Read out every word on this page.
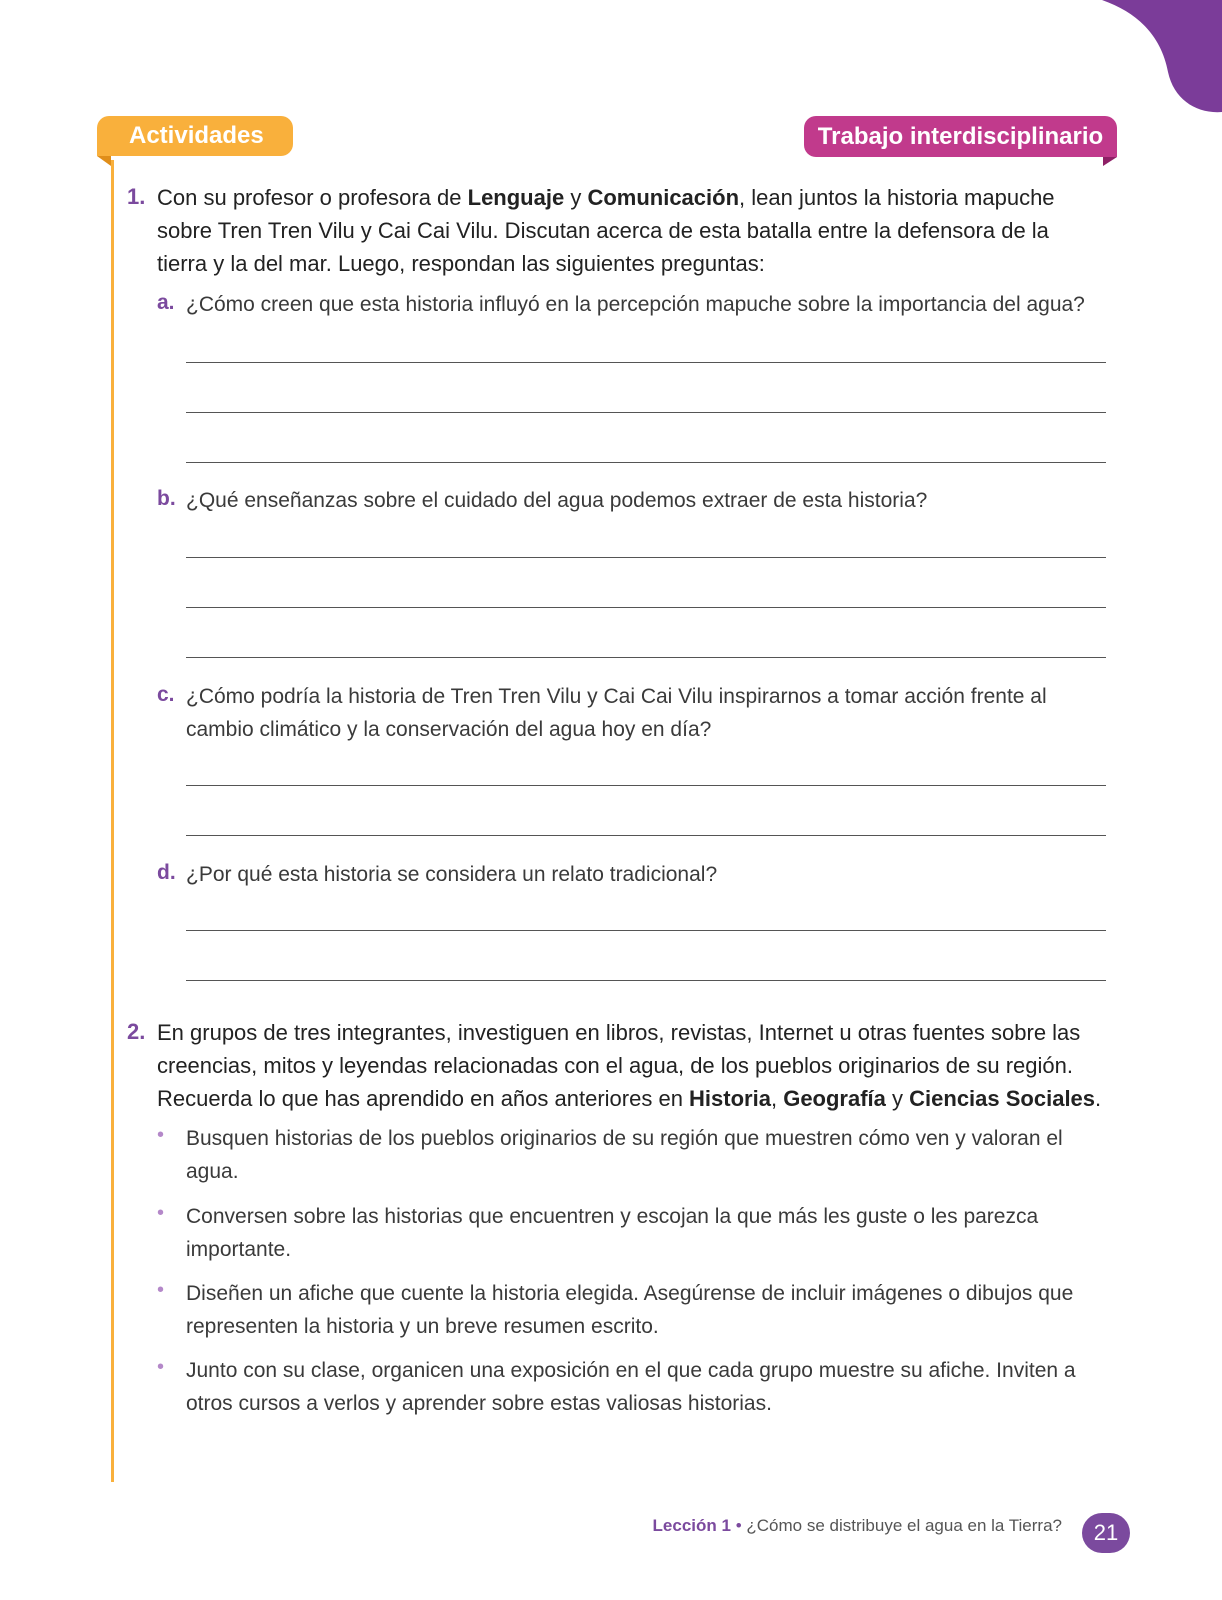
Actividades	Trabajo interdisciplinario
1. Con su profesor o profesora de Lenguaje y Comunicación, lean juntos la historia mapuche sobre Tren Tren Vilu y Cai Cai Vilu. Discutan acerca de esta batalla entre la defensora de la tierra y la del mar. Luego, respondan las siguientes preguntas:
a. ¿Cómo creen que esta historia influyó en la percepción mapuche sobre la importancia del agua?
b. ¿Qué enseñanzas sobre el cuidado del agua podemos extraer de esta historia?
c. ¿Cómo podría la historia de Tren Tren Vilu y Cai Cai Vilu inspirarnos a tomar acción frente al cambio climático y la conservación del agua hoy en día?
d. ¿Por qué esta historia se considera un relato tradicional?
2. En grupos de tres integrantes, investiguen en libros, revistas, Internet u otras fuentes sobre las creencias, mitos y leyendas relacionadas con el agua, de los pueblos originarios de su región. Recuerda lo que has aprendido en años anteriores en Historia, Geografía y Ciencias Sociales.
• Busquen historias de los pueblos originarios de su región que muestren cómo ven y valoran el agua.
• Conversen sobre las historias que encuentren y escojan la que más les guste o les parezca importante.
• Diseñen un afiche que cuente la historia elegida. Asegúrense de incluir imágenes o dibujos que representen la historia y un breve resumen escrito.
• Junto con su clase, organicen una exposición en el que cada grupo muestre su afiche. Inviten a otros cursos a verlos y aprender sobre estas valiosas historias.
Lección 1 • ¿Cómo se distribuye el agua en la Tierra? 21
